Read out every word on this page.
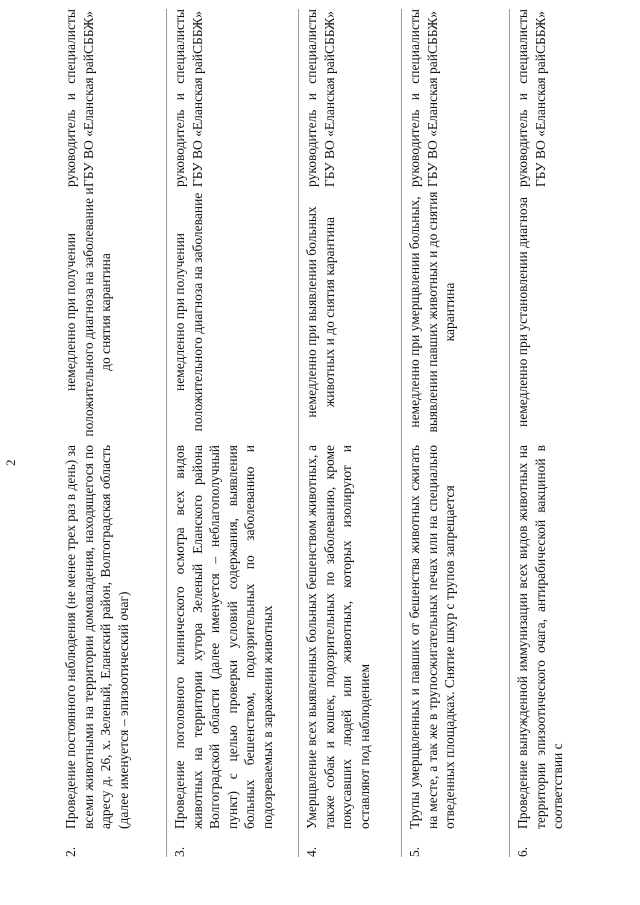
2
2.
Проведение постоянного наблюдения (не менее трех раз в день) за всеми животными на территории домовладения, находящегося по адресу д. 26, х. Зеленый, Еланский район, Волгоградская область (далее именуется – эпизоотический очаг)	немедленно при получении положительного диагноза на заболевание и до снятия карантина	руководитель и специалисты ГБУ ВО «Еланская райСББЖ»

3.
Проведение поголовного клинического осмотра всех видов животных на территории хутора Зеленый Еланского района Волгоградской области (далее именуется – неблагополучный пункт) с целью проверки условий содержания, выявления больных бешенством, подозрительных по заболеванию и подозреваемых в заражении животных	немедленно при получении положительного диагноза на заболевание	руководитель и специалисты ГБУ ВО «Еланская райСББЖ»

4.
Умерщвление всех выявленных больных бешенством животных, а также собак и кошек, подозрительных по заболеванию, кроме покусавших людей или животных, которых изолируют и оставляют под наблюдением	немедленно при выявлении больных животных и до снятия карантина	руководитель и специалисты ГБУ ВО «Еланская райСББЖ»

5.
Трупы умерщвленных и павших от бешенства животных сжигать на месте, а так же в трупосжигательных печах или на специально отведенных площадках. Снятие шкур с трупов запрещается	немедленно при умерщвлении больных, выявлении павших животных и до снятия карантина	руководитель и специалисты ГБУ ВО «Еланская райСББЖ»

6.
Проведение вынужденной иммунизации всех видов животных на территории эпизоотического очага, антирабической вакциной в соответствии с	немедленно при установлении диагноза	руководитель и специалисты ГБУ ВО «Еланская райСББЖ»
